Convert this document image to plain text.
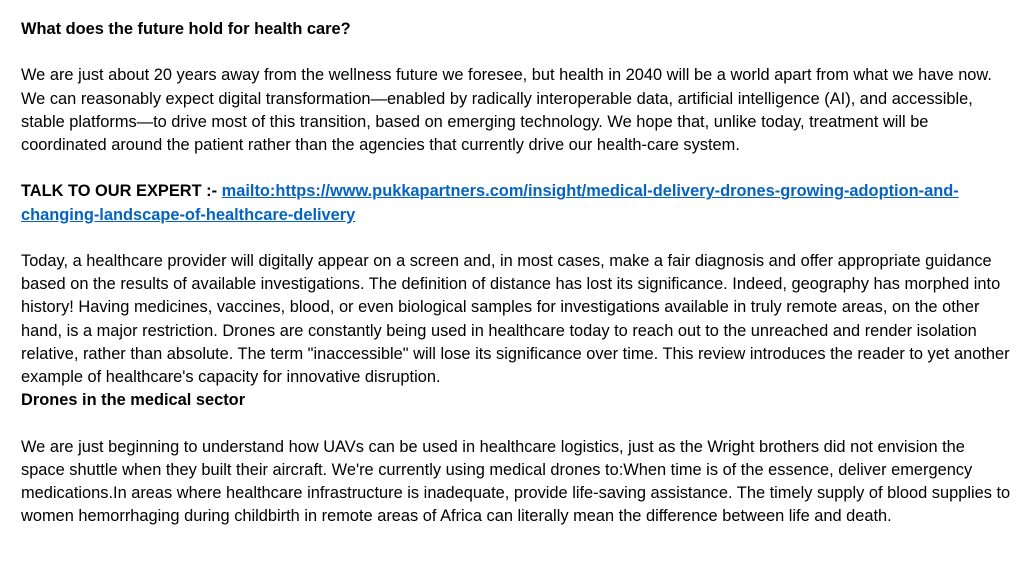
What does the future hold for health care?

We are just about 20 years away from the wellness future we foresee, but health in 2040 will be a world apart from what we have now. We can reasonably expect digital transformation—enabled by radically interoperable data, artificial intelligence (AI), and accessible, stable platforms—to drive most of this transition, based on emerging technology. We hope that, unlike today, treatment will be coordinated around the patient rather than the agencies that currently drive our health-care system.

TALK TO OUR EXPERT :- mailto:https://www.pukkapartners.com/insight/medical-delivery-drones-growing-adoption-and-changing-landscape-of-healthcare-delivery

Today, a healthcare provider will digitally appear on a screen and, in most cases, make a fair diagnosis and offer appropriate guidance based on the results of available investigations. The definition of distance has lost its significance. Indeed, geography has morphed into history! Having medicines, vaccines, blood, or even biological samples for investigations available in truly remote areas, on the other hand, is a major restriction. Drones are constantly being used in healthcare today to reach out to the unreached and render isolation relative, rather than absolute. The term "inaccessible" will lose its significance over time. This review introduces the reader to yet another example of healthcare's capacity for innovative disruption.

Drones in the medical sector

We are just beginning to understand how UAVs can be used in healthcare logistics, just as the Wright brothers did not envision the space shuttle when they built their aircraft. We're currently using medical drones to:When time is of the essence, deliver emergency medications.In areas where healthcare infrastructure is inadequate, provide life-saving assistance. The timely supply of blood supplies to women hemorrhaging during childbirth in remote areas of Africa can literally mean the difference between life and death.
